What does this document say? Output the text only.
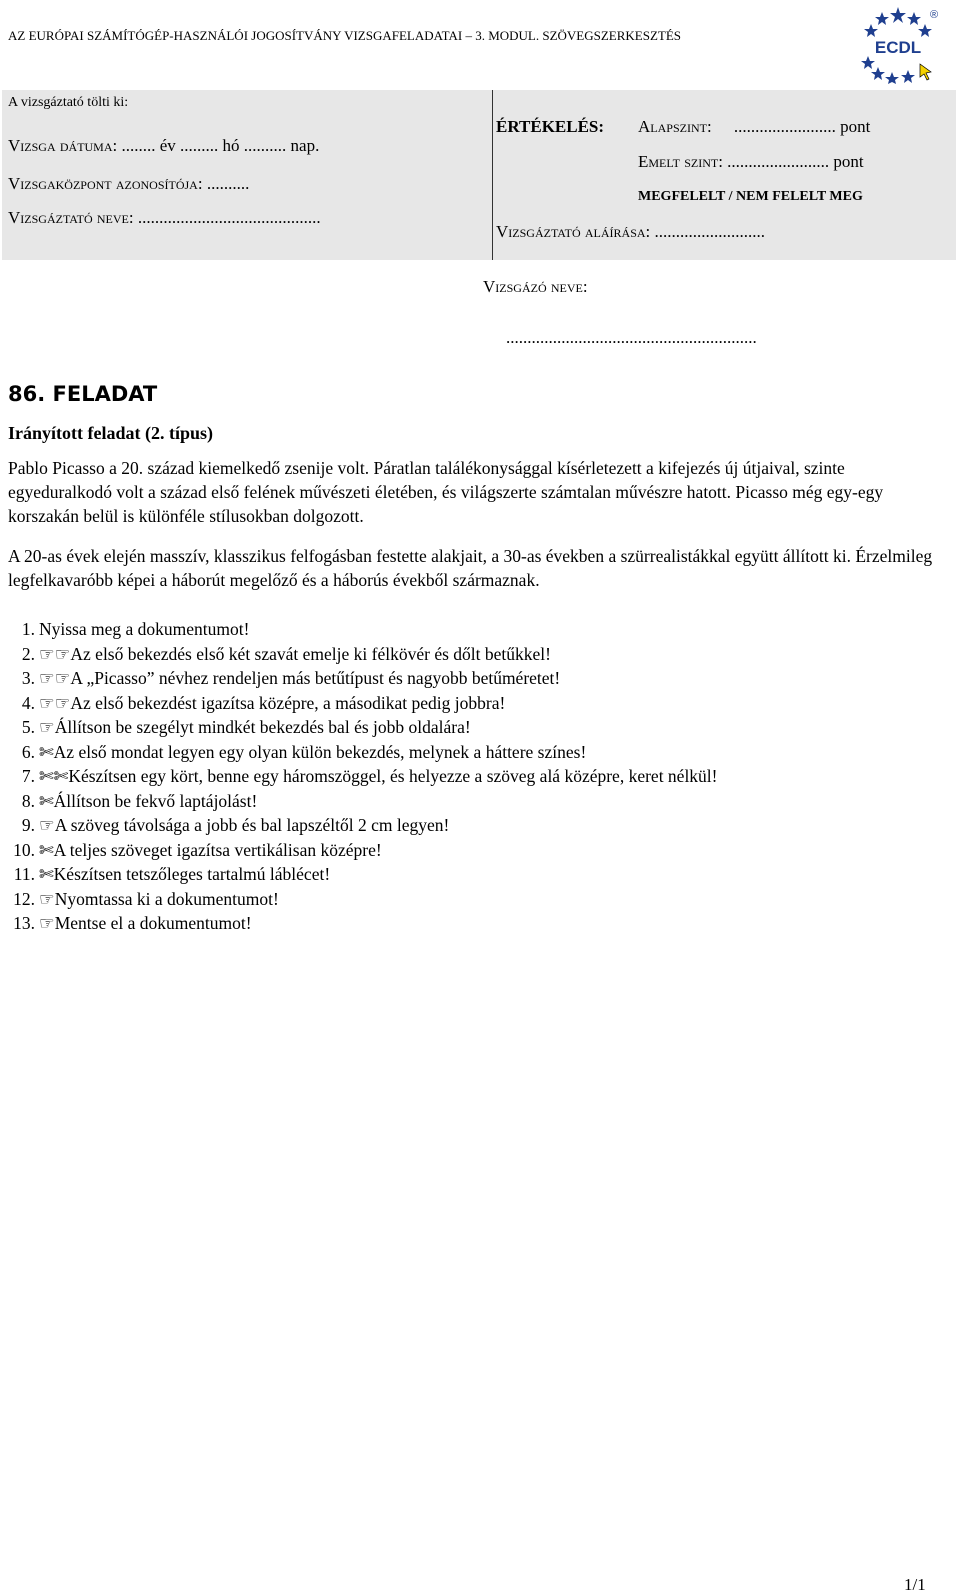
AZ EURÓPAI SZÁMÍTÓGÉP-HASZNÁLÓI JOGOSÍTVÁNY VIZSGAFELADATAI – 3. MODUL. SZÖVEGSZERKESZTÉS
ECDL
®
A vizsgáztató tölti ki:
Vizsga dátuma: ........ év ......... hó .......... nap.
Vizsgaközpont azonosítója: ..........
Vizsgáztató neve: ...........................................
ÉRTÉKELÉS: Alapszint: ........................ pont
Emelt szint: ........................ pont
MEGFELELT / NEM FELELT MEG
Vizsgáztató aláírása: ..........................
Vizsgázó neve:
...........................................................
86. FELADAT
Irányított feladat (2. típus)
Pablo Picasso a 20. század kiemelkedő zsenije volt. Páratlan találékonysággal kísérletezett a kifejezés új útjaival, szinte egyeduralkodó volt a század első felének művészeti életében, és világszerte számtalan művészre hatott. Picasso még egy-egy korszakán belül is különféle stílusokban dolgozott.
A 20-as évek elején masszív, klasszikus felfogásban festette alakjait, a 30-as években a szürrealistákkal együtt állított ki. Érzelmileg legfelkavaróbb képei a háborút megelőző és a háborús évekből származnak.
1. Nyissa meg a dokumentumot!
2. ☞☞ Az első bekezdés első két szavát emelje ki félkövér és dőlt betűkkel!
3. ☞☞ A „Picasso” névhez rendeljen más betűtípust és nagyobb betűméretet!
4. ☞☞ Az első bekezdést igazítsa középre, a másodikat pedig jobbra!
5. ☞ Állítson be szegélyt mindkét bekezdés bal és jobb oldalára!
6. ✄ Az első mondat legyen egy olyan külön bekezdés, melynek a háttere színes!
7. ✄✄ Készítsen egy kört, benne egy háromszöggel, és helyezze a szöveg alá középre, keret nélkül!
8. ✄ Állítson be fekvő laptájolást!
9. ☞ A szöveg távolsága a jobb és bal lapszéltől 2 cm legyen!
10. ✄ A teljes szöveget igazítsa vertikálisan középre!
11. ✄ Készítsen tetszőleges tartalmú láblécet!
12. ☞ Nyomtassa ki a dokumentumot!
13. ☞ Mentse el a dokumentumot!
1/1
